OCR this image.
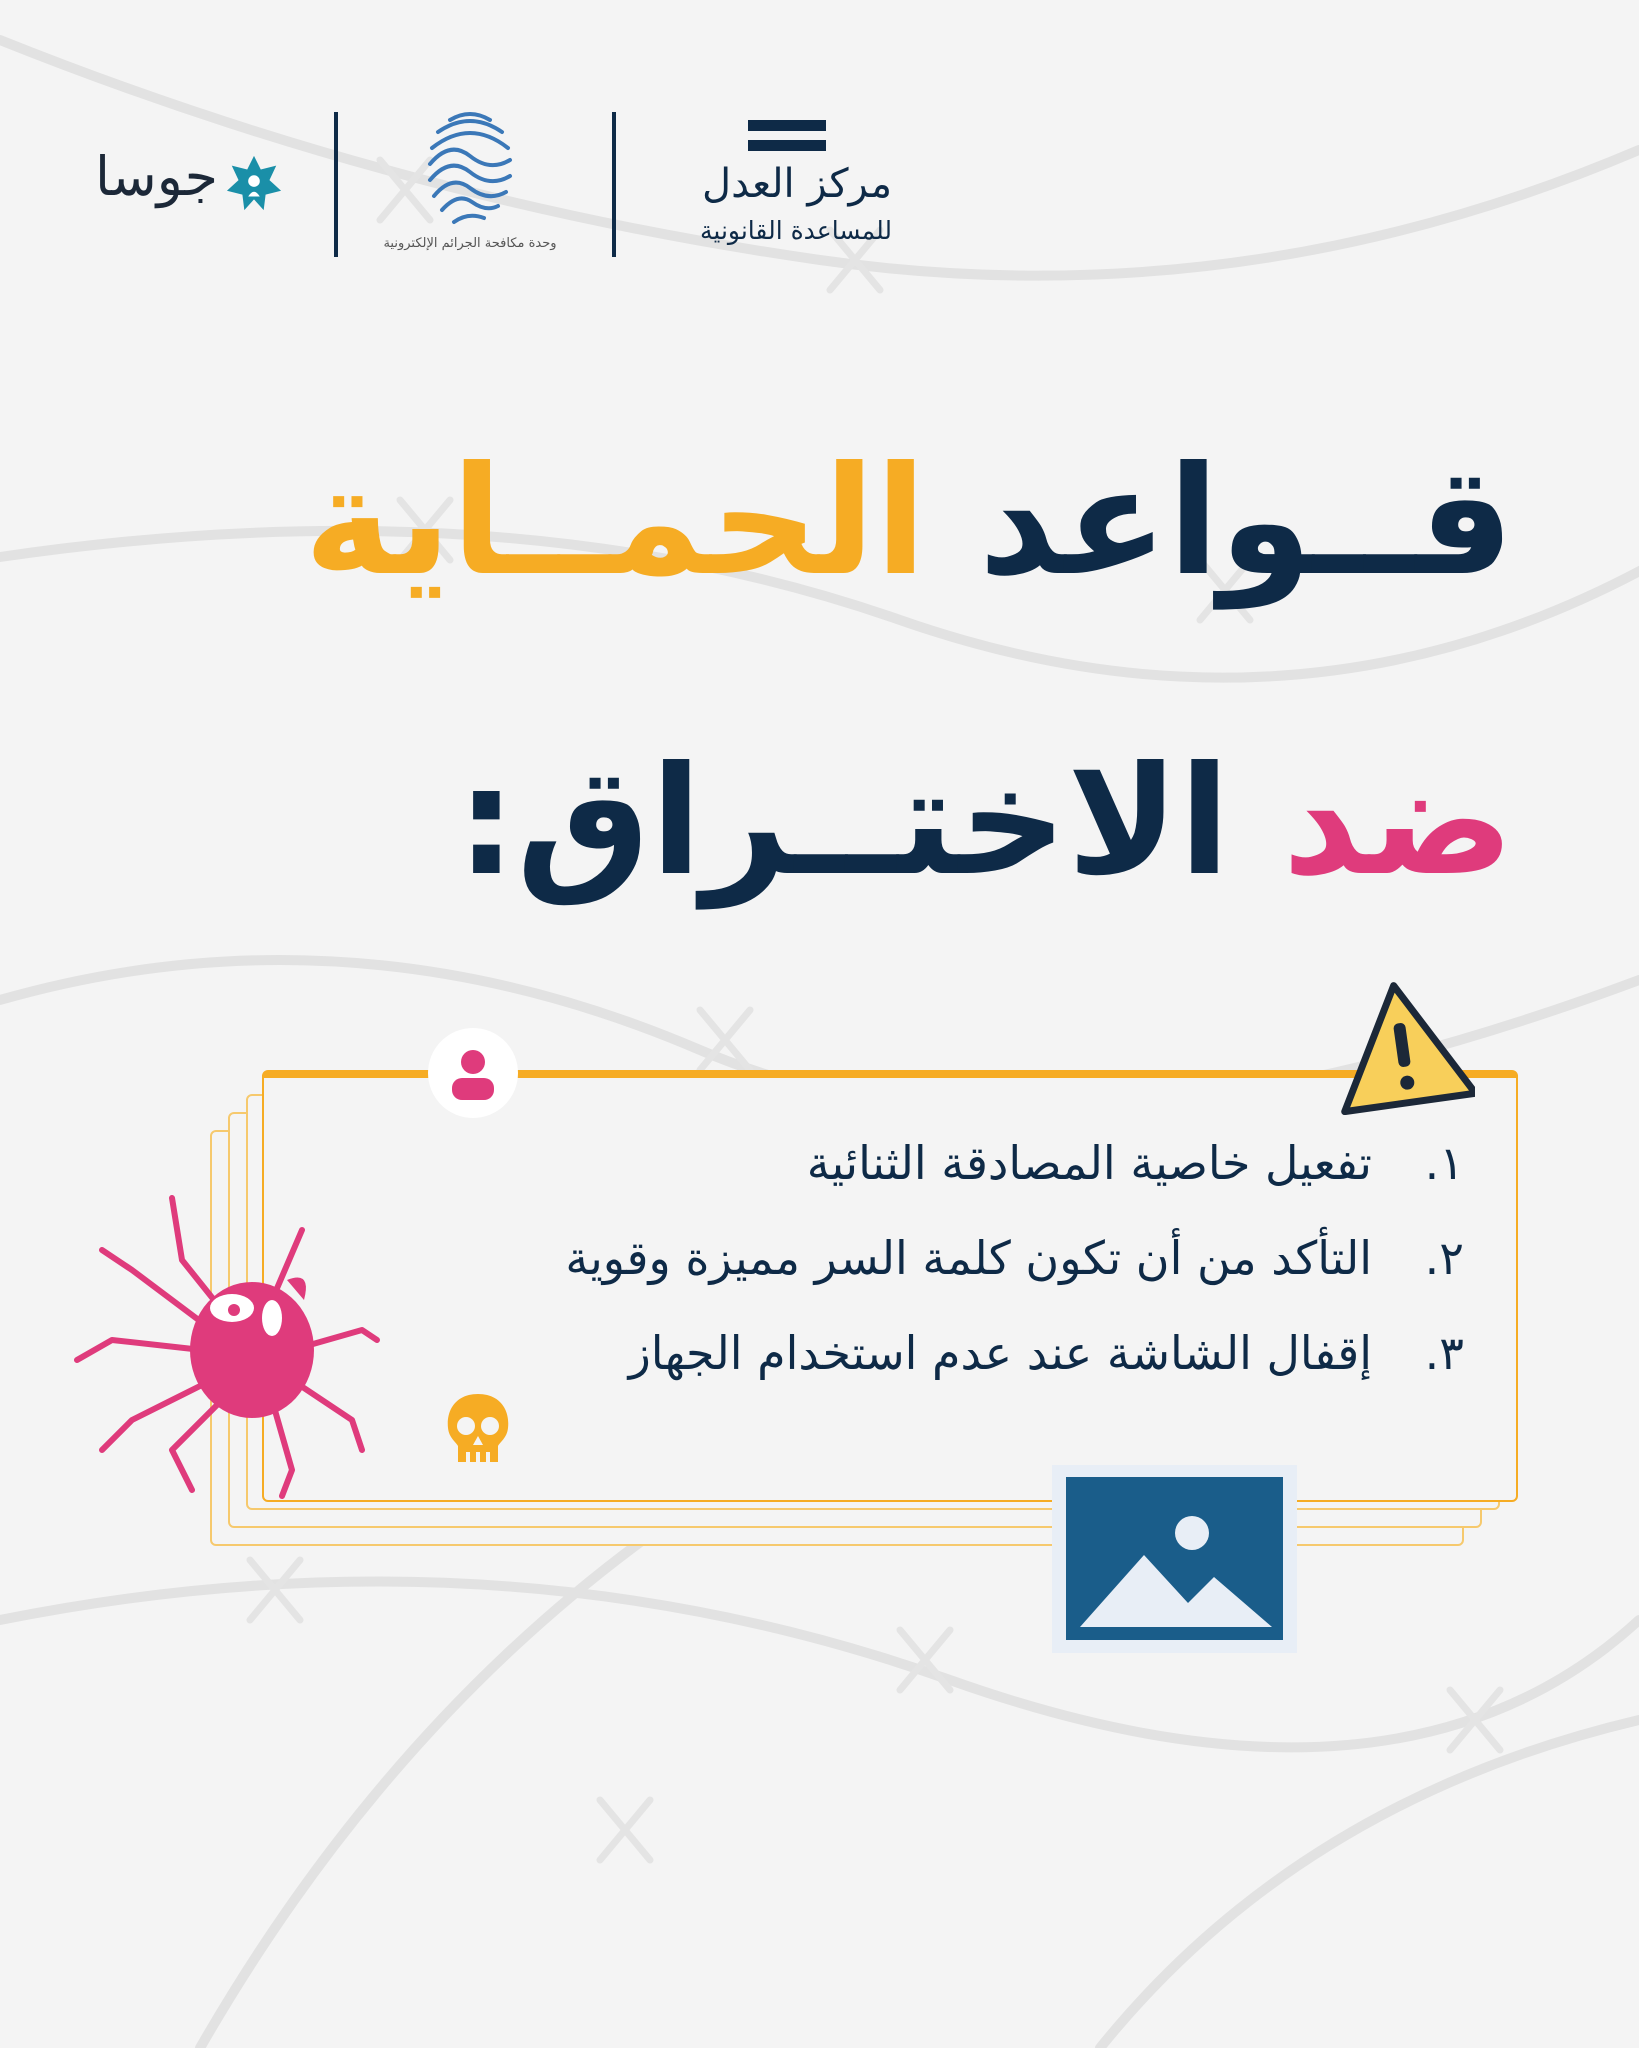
مركز العدل
للمساعدة القانونية
وحدة مكافحة الجرائم الإلكترونية
جوسا
قــواعد الحمــاية
ضد الاختــراق:
١.تفعيل خاصية المصادقة الثنائية
٢.التأكد من أن تكون كلمة السر مميزة وقوية
٣.إقفال الشاشة عند عدم استخدام الجهاز
